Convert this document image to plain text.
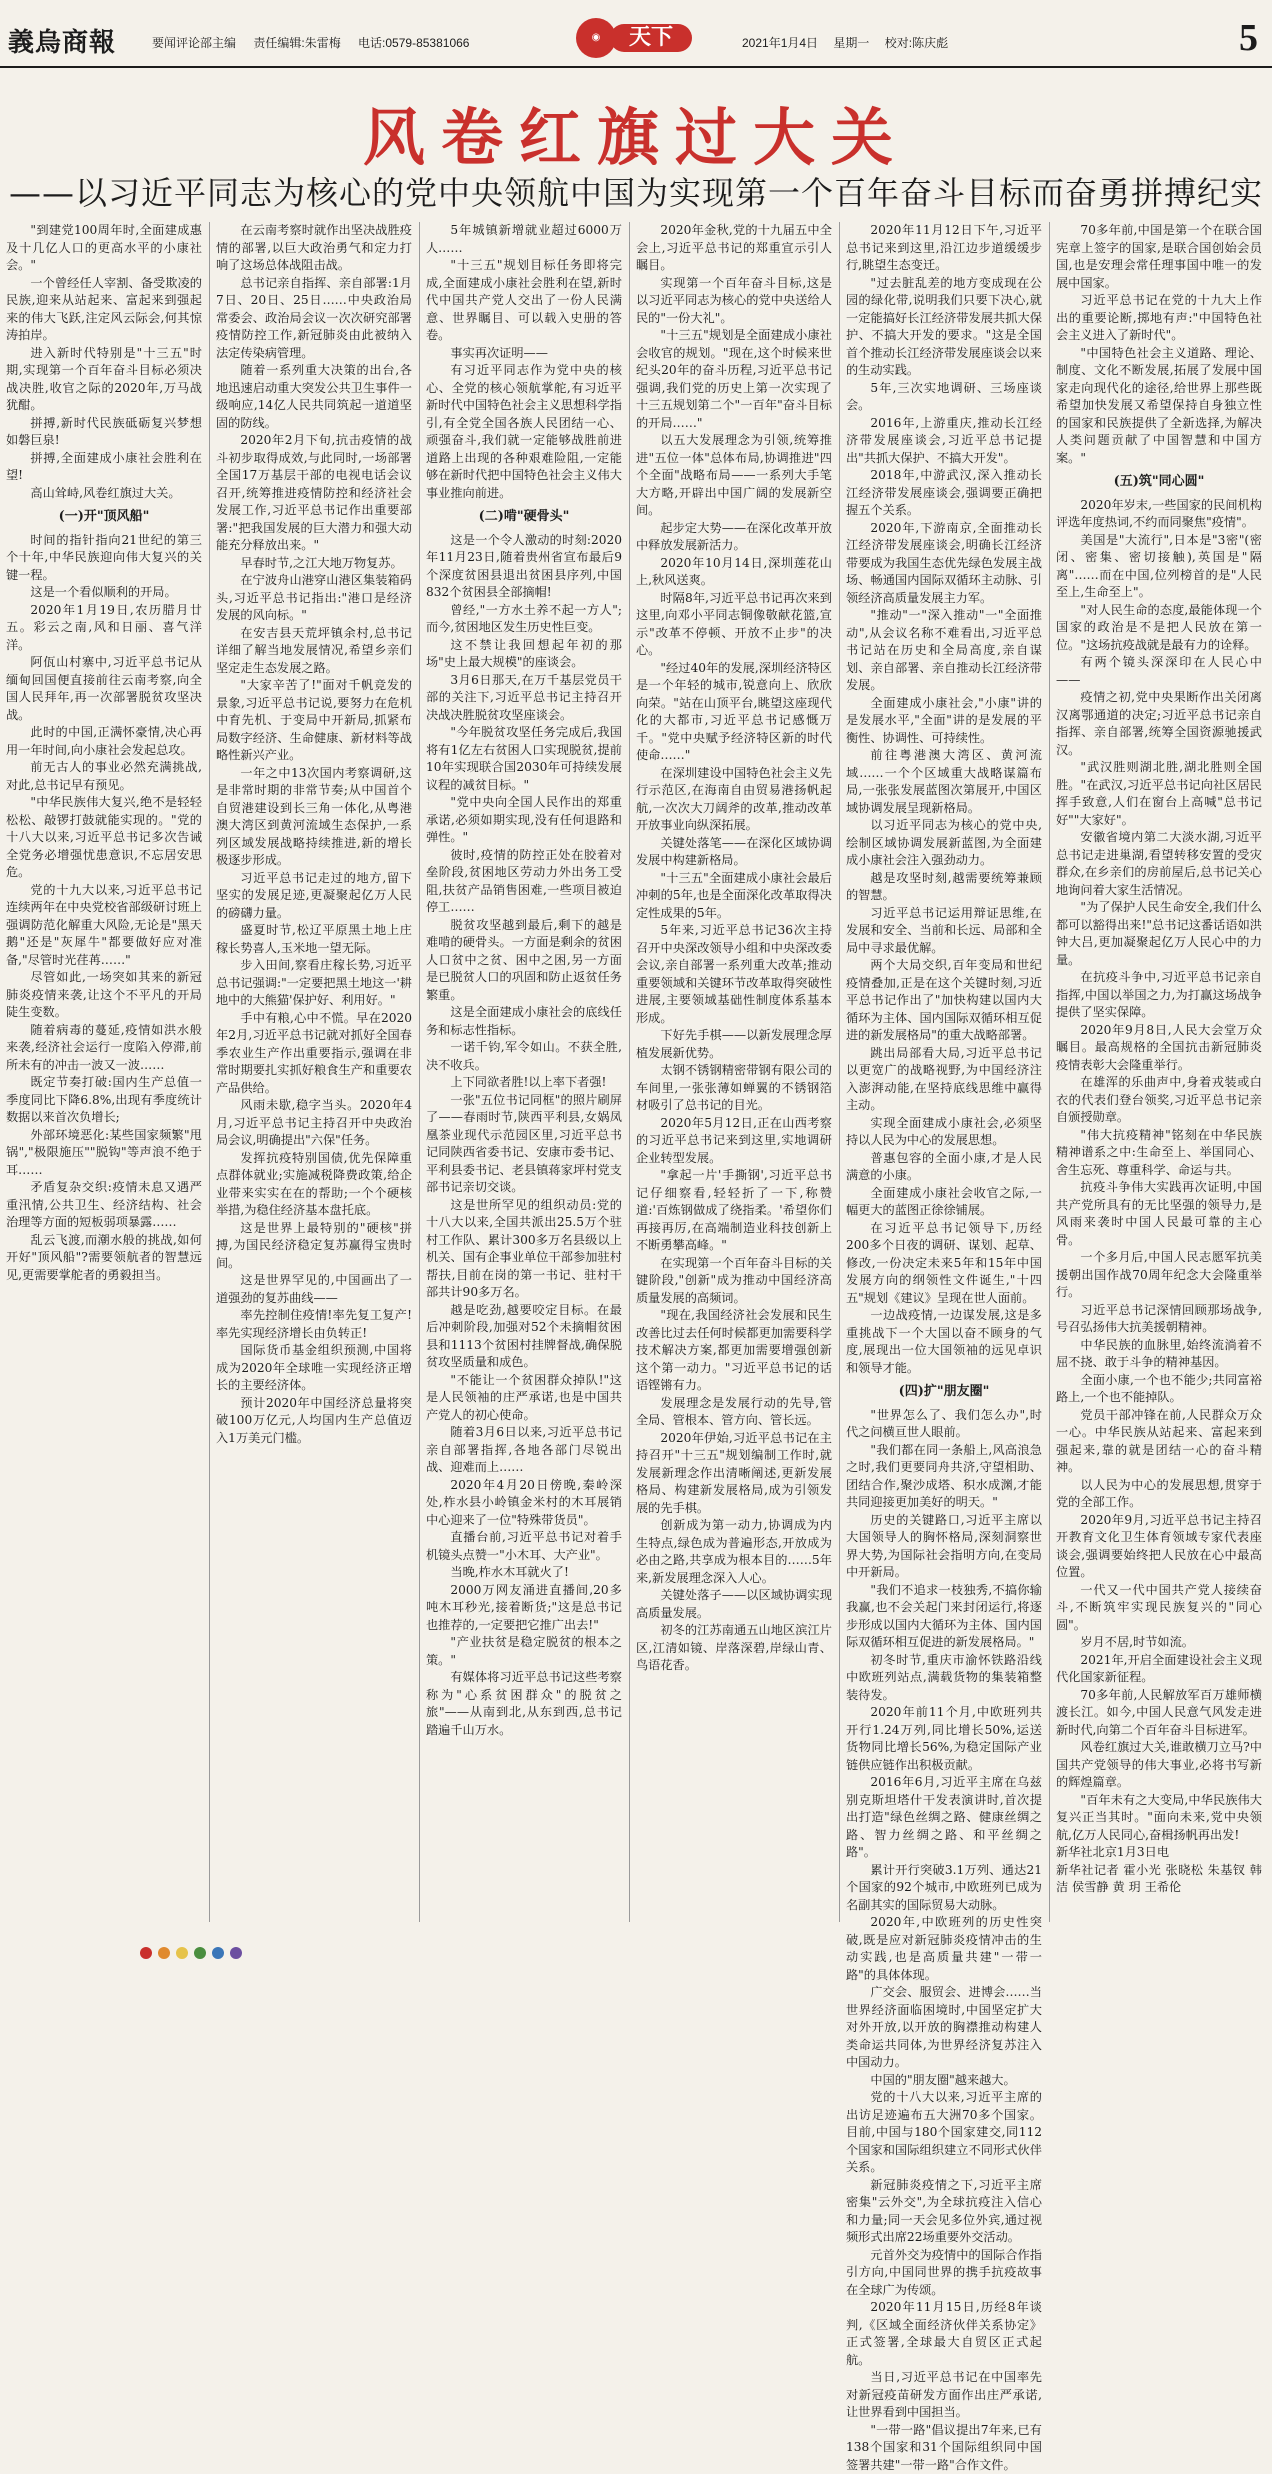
義烏商報	要闻评论部主编 责任编辑:朱雷梅 电话:0579-85381066	天下
◉	2021年1月4日 星期一 校对:陈庆彪	5
风卷红旗过大关
——以习近平同志为核心的党中央领航中国为实现第一个百年奋斗目标而奋勇拼搏纪实

"到建党100周年时,全面建成惠及十几亿人口的更高水平的小康社会。"

一个曾经任人宰割、备受欺凌的民族,迎来从站起来、富起来到强起来的伟大飞跃,注定风云际会,何其惊涛拍岸。

进入新时代特别是"十三五"时期,实现第一个百年奋斗目标必须决战决胜,收官之际的2020年,万马战犹酣。

拼搏,新时代民族砥砺复兴梦想如磐巨泉!

拼搏,全面建成小康社会胜利在望!

高山耸峙,风卷红旗过大关。

(一)开"顶风船"

时间的指针指向21世纪的第三个十年,中华民族迎向伟大复兴的关键一程。

这是一个看似顺利的开局。

2020年1月19日,农历腊月廿五。彩云之南,风和日丽、喜气洋洋。

阿佤山村寨中,习近平总书记从缅甸回国便直接前往云南考察,向全国人民拜年,再一次部署脱贫攻坚决战。

此时的中国,正满怀豪情,决心再用一年时间,向小康社会发起总攻。

前无古人的事业必然充满挑战,对此,总书记早有预见。

"中华民族伟大复兴,绝不是轻轻松松、敲锣打鼓就能实现的。"党的十八大以来,习近平总书记多次告诫全党务必增强忧患意识,不忘居安思危。

党的十九大以来,习近平总书记连续两年在中央党校省部级研讨班上强调防范化解重大风险,无论是"黑天鹅"还是"灰犀牛"都要做好应对准备,"尽管时光荏苒……"

尽管如此,一场突如其来的新冠肺炎疫情来袭,让这个不平凡的开局陡生变数。

随着病毒的蔓延,疫情如洪水般来袭,经济社会运行一度陷入停滞,前所未有的冲击一波又一波……

既定节奏打破:国内生产总值一季度同比下降6.8%,出现有季度统计数据以来首次负增长;

外部环境恶化:某些国家频繁"甩锅","极限施压""脱钩"等声浪不绝于耳……

矛盾复杂交织:疫情未息又遇严重汛情,公共卫生、经济结构、社会治理等方面的短板弱项暴露……

乱云飞渡,而潮水般的挑战,如何开好"顶风船"?需要领航者的智慧远见,更需要掌舵者的勇毅担当。

在云南考察时就作出坚决战胜疫情的部署,以巨大政治勇气和定力打响了这场总体战阻击战。

总书记亲自指挥、亲自部署:1月7日、20日、25日……中央政治局常委会、政治局会议一次次研究部署疫情防控工作,新冠肺炎由此被纳入法定传染病管理。

随着一系列重大决策的出台,各地迅速启动重大突发公共卫生事件一级响应,14亿人民共同筑起一道道坚固的防线。

2020年2月下旬,抗击疫情的战斗初步取得成效,与此同时,一场部署全国17万基层干部的电视电话会议召开,统筹推进疫情防控和经济社会发展工作,习近平总书记作出重要部署:"把我国发展的巨大潜力和强大动能充分释放出来。"

早春时节,之江大地万物复苏。

在宁波舟山港穿山港区集装箱码头,习近平总书记指出:"港口是经济发展的风向标。"

在安吉县天荒坪镇余村,总书记详细了解当地发展情况,希望乡亲们坚定走生态发展之路。

"大家辛苦了!"面对千帆竞发的景象,习近平总书记说,要努力在危机中育先机、于变局中开新局,抓紧布局数字经济、生命健康、新材料等战略性新兴产业。

一年之中13次国内考察调研,这是非常时期的非常节奏;从中国首个自贸港建设到长三角一体化,从粤港澳大湾区到黄河流域生态保护,一系列区域发展战略持续推进,新的增长极逐步形成。

习近平总书记走过的地方,留下坚实的发展足迹,更凝聚起亿万人民的磅礴力量。

盛夏时节,松辽平原黑土地上庄稼长势喜人,玉米地一望无际。

步入田间,察看庄稼长势,习近平总书记强调:"一定要把黑土地这一'耕地中的大熊猫'保护好、利用好。"

手中有粮,心中不慌。早在2020年2月,习近平总书记就对抓好全国春季农业生产作出重要指示,强调在非常时期要扎实抓好粮食生产和重要农产品供给。

风雨未歇,稳字当头。2020年4月,习近平总书记主持召开中央政治局会议,明确提出"六保"任务。

发挥抗疫特别国债,优先保障重点群体就业;实施减税降费政策,给企业带来实实在在的帮助;一个个硬核举措,为稳住经济基本盘托底。

这是世界上最特别的"硬核"拼搏,为国民经济稳定复苏赢得宝贵时间。

这是世界罕见的,中国画出了一道强劲的复苏曲线——

率先控制住疫情!率先复工复产!率先实现经济增长由负转正!

国际货币基金组织预测,中国将成为2020年全球唯一实现经济正增长的主要经济体。

预计2020年中国经济总量将突破100万亿元,人均国内生产总值迈入1万美元门槛。

5年城镇新增就业超过6000万人……

"十三五"规划目标任务即将完成,全面建成小康社会胜利在望,新时代中国共产党人交出了一份人民满意、世界瞩目、可以载入史册的答卷。

事实再次证明——

有习近平同志作为党中央的核心、全党的核心领航掌舵,有习近平新时代中国特色社会主义思想科学指引,有全党全国各族人民团结一心、顽强奋斗,我们就一定能够战胜前进道路上出现的各种艰难险阻,一定能够在新时代把中国特色社会主义伟大事业推向前进。

(二)啃"硬骨头"

这是一个令人激动的时刻:2020年11月23日,随着贵州省宣布最后9个深度贫困县退出贫困县序列,中国832个贫困县全部摘帽!

曾经,"一方水土养不起一方人";而今,贫困地区发生历史性巨变。

这不禁让我回想起年初的那场"史上最大规模"的座谈会。

3月6日那天,在万千基层党员干部的关注下,习近平总书记主持召开决战决胜脱贫攻坚座谈会。

"今年脱贫攻坚任务完成后,我国将有1亿左右贫困人口实现脱贫,提前10年实现联合国2030年可持续发展议程的减贫目标。"

"党中央向全国人民作出的郑重承诺,必须如期实现,没有任何退路和弹性。"

彼时,疫情的防控正处在胶着对垒阶段,贫困地区劳动力外出务工受阻,扶贫产品销售困难,一些项目被迫停工……

脱贫攻坚越到最后,剩下的越是难啃的硬骨头。一方面是剩余的贫困人口贫中之贫、困中之困,另一方面是已脱贫人口的巩固和防止返贫任务繁重。

这是全面建成小康社会的底线任务和标志性指标。

一诺千钧,军令如山。不获全胜,决不收兵。

上下同欲者胜!以上率下者强!

一张"五位书记同框"的照片刷屏了——春雨时节,陕西平利县,女娲凤凰茶业现代示范园区里,习近平总书记同陕西省委书记、安康市委书记、平利县委书记、老县镇蒋家坪村党支部书记亲切交谈。

这是世所罕见的组织动员:党的十八大以来,全国共派出25.5万个驻村工作队、累计300多万名县级以上机关、国有企事业单位干部参加驻村帮扶,目前在岗的第一书记、驻村干部共计90多万名。

越是吃劲,越要咬定目标。在最后冲刺阶段,加强对52个未摘帽贫困县和1113个贫困村挂牌督战,确保脱贫攻坚质量和成色。

"不能让一个贫困群众掉队!"这是人民领袖的庄严承诺,也是中国共产党人的初心使命。

随着3月6日以来,习近平总书记亲自部署指挥,各地各部门尽锐出战、迎难而上……

2020年4月20日傍晚,秦岭深处,柞水县小岭镇金米村的木耳展销中心迎来了一位"特殊带货员"。

直播台前,习近平总书记对着手机镜头点赞一"小木耳、大产业"。

当晚,柞水木耳就火了!

2000万网友涌进直播间,20多吨木耳秒光,接着断货;"这是总书记也推荐的,一定要把它推广出去!"

"产业扶贫是稳定脱贫的根本之策。"

有媒体将习近平总书记这些考察称为"心系贫困群众"的脱贫之旅"——从南到北,从东到西,总书记踏遍千山万水。

2020年金秋,党的十九届五中全会上,习近平总书记的郑重宣示引人瞩目。

实现第一个百年奋斗目标,这是以习近平同志为核心的党中央送给人民的"一份大礼"。

"十三五"规划是全面建成小康社会收官的规划。"现在,这个时候来世纪头20年的奋斗历程,习近平总书记强调,我们党的历史上第一次实现了十三五规划第二个"一百年"奋斗目标的开局……"

以五大发展理念为引领,统筹推进"五位一体"总体布局,协调推进"四个全面"战略布局——一系列大手笔大方略,开辟出中国广阔的发展新空间。

起步定大势——在深化改革开放中释放发展新活力。

2020年10月14日,深圳莲花山上,秋风送爽。

时隔8年,习近平总书记再次来到这里,向邓小平同志铜像敬献花篮,宣示"改革不停顿、开放不止步"的决心。

"经过40年的发展,深圳经济特区是一个年轻的城市,锐意向上、欣欣向荣。"站在山顶平台,眺望这座现代化的大都市,习近平总书记感慨万千。"党中央赋予经济特区新的时代使命……"

在深圳建设中国特色社会主义先行示范区,在海南自由贸易港扬帆起航,一次次大刀阔斧的改革,推动改革开放事业向纵深拓展。

关键处落笔——在深化区域协调发展中构建新格局。

"十三五"全面建成小康社会最后冲刺的5年,也是全面深化改革取得决定性成果的5年。

5年来,习近平总书记36次主持召开中央深改领导小组和中央深改委会议,亲自部署一系列重大改革;推动重要领域和关键环节改革取得突破性进展,主要领域基础性制度体系基本形成。

下好先手棋——以新发展理念厚植发展新优势。

太钢不锈钢精密带钢有限公司的车间里,一张张薄如蝉翼的不锈钢箔材吸引了总书记的目光。

2020年5月12日,正在山西考察的习近平总书记来到这里,实地调研企业转型发展。

"拿起一片'手撕钢',习近平总书记仔细察看,轻轻折了一下,称赞道:'百炼钢做成了绕指柔。'希望你们再接再厉,在高端制造业科技创新上不断勇攀高峰。"

在实现第一个百年奋斗目标的关键阶段,"创新"成为推动中国经济高质量发展的高频词。

"现在,我国经济社会发展和民生改善比过去任何时候都更加需要科学技术解决方案,都更加需要增强创新这个第一动力。"习近平总书记的话语铿锵有力。

发展理念是发展行动的先导,管全局、管根本、管方向、管长远。

2020年伊始,习近平总书记在主持召开"十三五"规划编制工作时,就发展新理念作出清晰阐述,更新发展格局、构建新发展格局,成为引领发展的先手棋。

创新成为第一动力,协调成为内生特点,绿色成为普遍形态,开放成为必由之路,共享成为根本目的……5年来,新发展理念深入人心。

关键处落子——以区域协调实现高质量发展。

初冬的江苏南通五山地区滨江片区,江清如镜、岸落深碧,岸绿山青、鸟语花香。

2020年11月12日下午,习近平总书记来到这里,沿江边步道缓缓步行,眺望生态变迁。

"过去脏乱差的地方变成现在公园的绿化带,说明我们只要下决心,就一定能搞好长江经济带发展共抓大保护、不搞大开发的要求。"这是全国首个推动长江经济带发展座谈会以来的生动实践。

5年,三次实地调研、三场座谈会。

2016年,上游重庆,推动长江经济带发展座谈会,习近平总书记提出"共抓大保护、不搞大开发"。

2018年,中游武汉,深入推动长江经济带发展座谈会,强调要正确把握五个关系。

2020年,下游南京,全面推动长江经济带发展座谈会,明确长江经济带要成为我国生态优先绿色发展主战场、畅通国内国际双循环主动脉、引领经济高质量发展主力军。

"推动"一"深入推动"一"全面推动",从会议名称不难看出,习近平总书记站在历史和全局高度,亲自谋划、亲自部署、亲自推动长江经济带发展。

全面建成小康社会,"小康"讲的是发展水平,"全面"讲的是发展的平衡性、协调性、可持续性。

前往粤港澳大湾区、黄河流域……一个个区域重大战略谋篇布局,一张张发展蓝图次第展开,中国区域协调发展呈现新格局。

以习近平同志为核心的党中央,绘制区域协调发展新蓝图,为全面建成小康社会注入强劲动力。

越是攻坚时刻,越需要统筹兼顾的智慧。

习近平总书记运用辩证思维,在发展和安全、当前和长远、局部和全局中寻求最优解。

两个大局交织,百年变局和世纪疫情叠加,正是在这个关键时刻,习近平总书记作出了"加快构建以国内大循环为主体、国内国际双循环相互促进的新发展格局"的重大战略部署。

跳出局部看大局,习近平总书记以更宽广的战略视野,为中国经济注入澎湃动能,在坚持底线思维中赢得主动。

实现全面建成小康社会,必须坚持以人民为中心的发展思想。

普惠包容的全面小康,才是人民满意的小康。

全面建成小康社会收官之际,一幅更大的蓝图正徐徐铺展。

在习近平总书记领导下,历经200多个日夜的调研、谋划、起草、修改,一份决定未来5年和15年中国发展方向的纲领性文件诞生,"十四五"规划《建议》呈现在世人面前。

一边战疫情,一边谋发展,这是多重挑战下一个大国以奋不顾身的气度,展现出一位大国领袖的远见卓识和领导才能。

(四)扩"朋友圈"

"世界怎么了、我们怎么办",时代之问横亘世人眼前。

"我们都在同一条船上,风高浪急之时,我们更要同舟共济,守望相助、团结合作,聚沙成塔、积水成渊,才能共同迎接更加美好的明天。"

历史的关键路口,习近平主席以大国领导人的胸怀格局,深刻洞察世界大势,为国际社会指明方向,在变局中开新局。

"我们不追求一枝独秀,不搞你输我赢,也不会关起门来封闭运行,将逐步形成以国内大循环为主体、国内国际双循环相互促进的新发展格局。"

初冬时节,重庆市渝怀铁路沿线中欧班列站点,满载货物的集装箱整装待发。

2020年前11个月,中欧班列共开行1.24万列,同比增长50%,运送货物同比增长56%,为稳定国际产业链供应链作出积极贡献。

2016年6月,习近平主席在乌兹别克斯坦塔什干发表演讲时,首次提出打造"绿色丝绸之路、健康丝绸之路、智力丝绸之路、和平丝绸之路"。

累计开行突破3.1万列、通达21个国家的92个城市,中欧班列已成为名副其实的国际贸易大动脉。

2020年,中欧班列的历史性突破,既是应对新冠肺炎疫情冲击的生动实践,也是高质量共建"一带一路"的具体体现。

广交会、服贸会、进博会……当世界经济面临困境时,中国坚定扩大对外开放,以开放的胸襟推动构建人类命运共同体,为世界经济复苏注入中国动力。

中国的"朋友圈"越来越大。

党的十八大以来,习近平主席的出访足迹遍布五大洲70多个国家。目前,中国与180个国家建交,同112个国家和国际组织建立不同形式伙伴关系。

新冠肺炎疫情之下,习近平主席密集"云外交",为全球抗疫注入信心和力量;同一天会见多位外宾,通过视频形式出席22场重要外交活动。

元首外交为疫情中的国际合作指引方向,中国同世界的携手抗疫故事在全球广为传颂。

2020年11月15日,历经8年谈判,《区域全面经济伙伴关系协定》正式签署,全球最大自贸区正式起航。

当日,习近平总书记在中国率先对新冠疫苗研发方面作出庄严承诺,让世界看到中国担当。

"一带一路"倡议提出7年来,已有138个国家和31个国际组织同中国签署共建"一带一路"合作文件。

70多年前,中国是第一个在联合国宪章上签字的国家,是联合国创始会员国,也是安理会常任理事国中唯一的发展中国家。

习近平总书记在党的十九大上作出的重要论断,掷地有声:"中国特色社会主义进入了新时代"。

"中国特色社会主义道路、理论、制度、文化不断发展,拓展了发展中国家走向现代化的途径,给世界上那些既希望加快发展又希望保持自身独立性的国家和民族提供了全新选择,为解决人类问题贡献了中国智慧和中国方案。"

(五)筑"同心圆"

2020年岁末,一些国家的民间机构评选年度热词,不约而同聚焦"疫情"。

美国是"大流行",日本是"3密"(密闭、密集、密切接触),英国是"隔离"……而在中国,位列榜首的是"人民至上,生命至上"。

"对人民生命的态度,最能体现一个国家的政治是不是把人民放在第一位。"这场抗疫战就是最有力的诠释。

有两个镜头深深印在人民心中——

疫情之初,党中央果断作出关闭离汉离鄂通道的决定;习近平总书记亲自指挥、亲自部署,统筹全国资源驰援武汉。

"武汉胜则湖北胜,湖北胜则全国胜。"在武汉,习近平总书记向社区居民挥手致意,人们在窗台上高喊"总书记好""大家好"。

安徽省境内第二大淡水湖,习近平总书记走进巢湖,看望转移安置的受灾群众,在乡亲们的房前屋后,总书记关心地询问着大家生活情况。

"为了保护人民生命安全,我们什么都可以豁得出来!"总书记这番话语如洪钟大吕,更加凝聚起亿万人民心中的力量。

在抗疫斗争中,习近平总书记亲自指挥,中国以举国之力,为打赢这场战争提供了坚实保障。

2020年9月8日,人民大会堂万众瞩目。最高规格的全国抗击新冠肺炎疫情表彰大会隆重举行。

在雄浑的乐曲声中,身着戎装或白衣的代表们登台领奖,习近平总书记亲自颁授勋章。

"伟大抗疫精神"铭刻在中华民族精神谱系之中:生命至上、举国同心、舍生忘死、尊重科学、命运与共。

抗疫斗争伟大实践再次证明,中国共产党所具有的无比坚强的领导力,是风雨来袭时中国人民最可靠的主心骨。

一个多月后,中国人民志愿军抗美援朝出国作战70周年纪念大会隆重举行。

习近平总书记深情回顾那场战争,号召弘扬伟大抗美援朝精神。

中华民族的血脉里,始终流淌着不屈不挠、敢于斗争的精神基因。

全面小康,一个也不能少;共同富裕路上,一个也不能掉队。

党员干部冲锋在前,人民群众万众一心。中华民族从站起来、富起来到强起来,靠的就是团结一心的奋斗精神。

以人民为中心的发展思想,贯穿于党的全部工作。

2020年9月,习近平总书记主持召开教育文化卫生体育领域专家代表座谈会,强调要始终把人民放在心中最高位置。

一代又一代中国共产党人接续奋斗,不断筑牢实现民族复兴的"同心圆"。

岁月不居,时节如流。

2021年,开启全面建设社会主义现代化国家新征程。

70多年前,人民解放军百万雄师横渡长江。如今,中国人民意气风发走进新时代,向第二个百年奋斗目标进军。

风卷红旗过大关,谁敢横刀立马?中国共产党领导的伟大事业,必将书写新的辉煌篇章。

"百年未有之大变局,中华民族伟大复兴正当其时。"面向未来,党中央领航,亿万人民同心,奋楫扬帆再出发!

新华社北京1月3日电

新华社记者 霍小光 张晓松 朱基钗 韩洁 侯雪静 黄 玥 王希伦
